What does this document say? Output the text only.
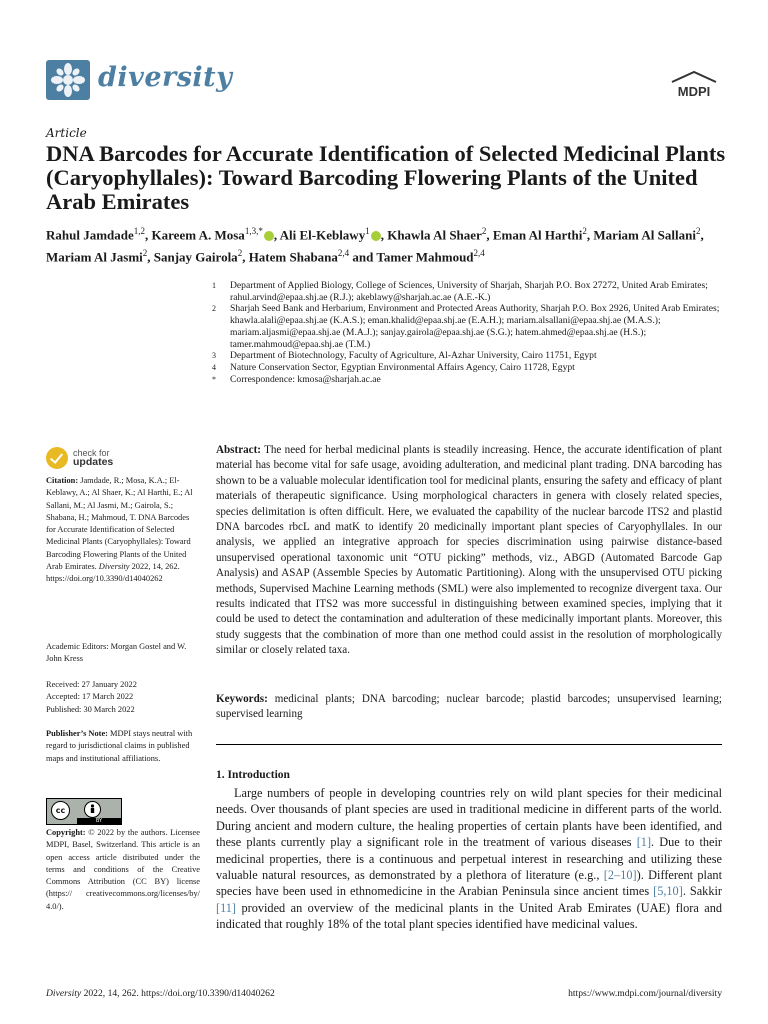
diversity	MDPI
Article
DNA Barcodes for Accurate Identification of Selected Medicinal Plants (Caryophyllales): Toward Barcoding Flowering Plants of the United Arab Emirates
Rahul Jamdade$^{1,2}$, Kareem A. Mosa$^{1,3,*}$ , Ali El-Keblawy$^1$ , Khawla Al Shaer$^2$, Eman Al Harthi$^2$, Mariam Al Sallani$^2$, Mariam Al Jasmi$^2$, Sanjay Gairola$^2$, Hatem Shabana$^{2,4}$ and Tamer Mahmoud$^{2,4}$
1	Department of Applied Biology, College of Sciences, University of Sharjah, Sharjah P.O. Box 27272, United Arab Emirates; rahul.arvind@epaa.shj.ae (R.J.); akeblawy@sharjah.ac.ae (A.E.-K.)
2	Sharjah Seed Bank and Herbarium, Environment and Protected Areas Authority, Sharjah P.O. Box 2926, United Arab Emirates; khawla.alali@epaa.shj.ae (K.A.S.); eman.khalid@epaa.shj.ae (E.A.H.); mariam.alsallani@epaa.shj.ae (M.A.S.); mariam.aljasmi@epaa.shj.ae (M.A.J.); sanjay.gairola@epaa.shj.ae (S.G.); hatem.ahmed@epaa.shj.ae (H.S.); tamer.mahmoud@epaa.shj.ae (T.M.)
3	Department of Biotechnology, Faculty of Agriculture, Al-Azhar University, Cairo 11751, Egypt
4	Nature Conservation Sector, Egyptian Environmental Affairs Agency, Cairo 11728, Egypt
*	Correspondence: kmosa@sharjah.ac.ae
check for
updates
Citation: Jamdade, R.; Mosa, K.A.; El-Keblawy, A.; Al Shaer, K.; Al Harthi, E.; Al Sallani, M.; Al Jasmi, M.; Gairola, S.; Shabana, H.; Mahmoud, T. DNA Barcodes for Accurate Identification of Selected Medicinal Plants (Caryophyllales): Toward Barcoding Flowering Plants of the United Arab Emirates. Diversity 2022, 14, 262. https://doi.org/10.3390/d14040262
Academic Editors: Morgan Gostel and W. John Kress
Received: 27 January 2022
Accepted: 17 March 2022
Published: 30 March 2022
Publisher’s Note: MDPI stays neutral with regard to jurisdictional claims in published maps and institutional affiliations.
cc
BY
Copyright: © 2022 by the authors. Licensee MDPI, Basel, Switzerland. This article is an open access article distributed under the terms and conditions of the Creative Commons Attribution (CC BY) license (https:// creativecommons.org/licenses/by/ 4.0/).
Abstract: The need for herbal medicinal plants is steadily increasing. Hence, the accurate identification of plant material has become vital for safe usage, avoiding adulteration, and medicinal plant trading. DNA barcoding has shown to be a valuable molecular identification tool for medicinal plants, ensuring the safety and efficacy of plant materials of therapeutic significance. Using morphological characters in genera with closely related species, species delimitation is often difficult. Here, we evaluated the capability of the nuclear barcode ITS2 and plastid DNA barcodes rbcL and matK to identify 20 medicinally important plant species of Caryophyllales. In our analysis, we applied an integrative approach for species discrimination using pairwise distance-based unsupervised operational taxonomic unit “OTU picking” methods, viz., ABGD (Automated Barcode Gap Analysis) and ASAP (Assemble Species by Automatic Partitioning). Along with the unsupervised OTU picking methods, Supervised Machine Learning methods (SML) were also implemented to recognize divergent taxa. Our results indicated that ITS2 was more successful in distinguishing between examined species, implying that it could be used to detect the contamination and adulteration of these medicinally important plants. Moreover, this study suggests that the combination of more than one method could assist in the resolution of morphologically similar or closely related taxa.
Keywords: medicinal plants; DNA barcoding; nuclear barcode; plastid barcodes; unsupervised learning; supervised learning
1. Introduction
Large numbers of people in developing countries rely on wild plant species for their medicinal needs. Over thousands of plant species are used in traditional medicine in different parts of the world. During ancient and modern culture, the healing properties of certain plants have been identified, and these plants currently play a significant role in the treatment of various diseases [1]. Due to their medicinal properties, there is a continuous and perpetual interest in researching and utilizing these valuable natural resources, as demonstrated by a plethora of literature (e.g., [2–10]). Different plant species have been used in ethnomedicine in the Arabian Peninsula since ancient times [5,10]. Sakkir [11] provided an overview of the medicinal plants in the United Arab Emirates (UAE) flora and indicated that roughly 18% of the total plant species identified have medicinal values.
Diversity 2022, 14, 262. https://doi.org/10.3390/d14040262	https://www.mdpi.com/journal/diversity
